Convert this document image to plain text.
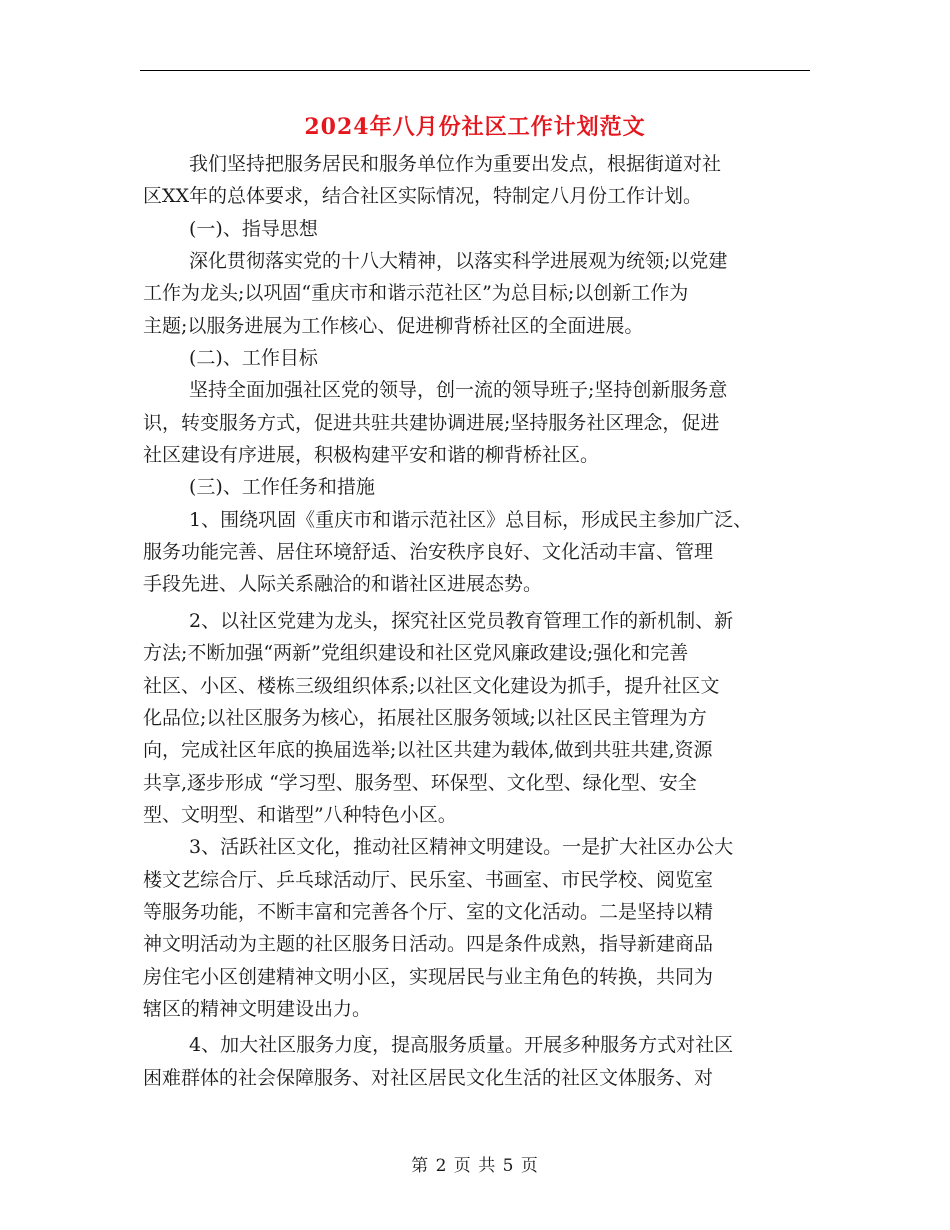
2024年八月份社区工作计划范文
我们坚持把服务居民和服务单位作为重要出发点，根据街道对社
区XX年的总体要求，结合社区实际情况，特制定八月份工作计划。
(一)、指导思想
深化贯彻落实党的十八大精神，以落实科学进展观为统领;以党建
工作为龙头;以巩固“重庆市和谐示范社区”为总目标;以创新工作为
主题;以服务进展为工作核心、促进柳背桥社区的全面进展。
(二)、工作目标
坚持全面加强社区党的领导，创一流的领导班子;坚持创新服务意
识，转变服务方式，促进共驻共建协调进展;坚持服务社区理念，促进
社区建设有序进展，积极构建平安和谐的柳背桥社区。
(三)、工作任务和措施
1、围绕巩固《重庆市和谐示范社区》总目标，形成民主参加广泛、
服务功能完善、居住环境舒适、治安秩序良好、文化活动丰富、管理
手段先进、人际关系融洽的和谐社区进展态势。
2、以社区党建为龙头，探究社区党员教育管理工作的新机制、新
方法;不断加强“两新”党组织建设和社区党风廉政建设;强化和完善
社区、小区、楼栋三级组织体系;以社区文化建设为抓手，提升社区文
化品位;以社区服务为核心，拓展社区服务领域;以社区民主管理为方
向，完成社区年底的换届选举;以社区共建为载体,做到共驻共建,资源
共享,逐步形成 “学习型、服务型、环保型、文化型、绿化型、安全
型、文明型、和谐型”八种特色小区。
3、活跃社区文化，推动社区精神文明建设。一是扩大社区办公大
楼文艺综合厅、乒乓球活动厅、民乐室、书画室、市民学校、阅览室
等服务功能，不断丰富和完善各个厅、室的文化活动。二是坚持以精
神文明活动为主题的社区服务日活动。四是条件成熟，指导新建商品
房住宅小区创建精神文明小区，实现居民与业主角色的转换，共同为
辖区的精神文明建设出力。
4、加大社区服务力度，提高服务质量。开展多种服务方式对社区
困难群体的社会保障服务、对社区居民文化生活的社区文体服务、对
第 2 页 共 5 页
